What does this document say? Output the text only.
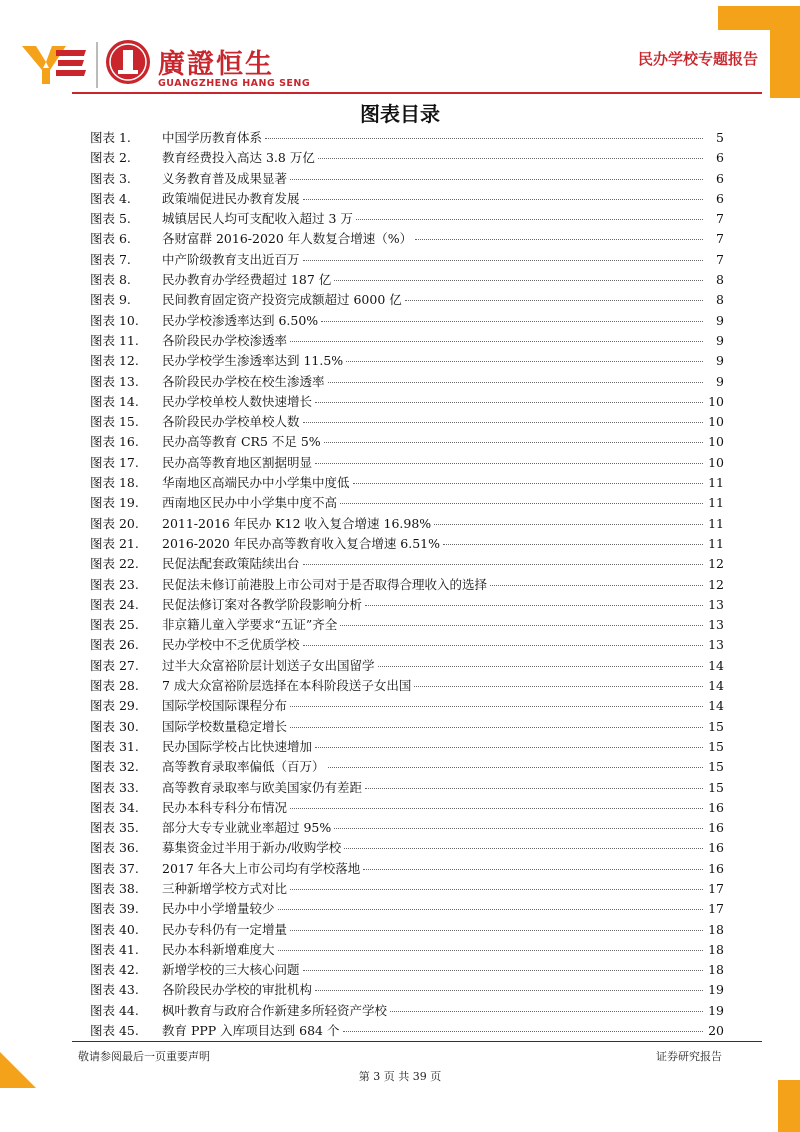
廣證恒生
GUANGZHENG HANG SENG
民办学校专题报告
图表目录
图表 1.	中国学历教育体系	5
图表 2.	教育经费投入高达 3.8 万亿	6
图表 3.	义务教育普及成果显著	6
图表 4.	政策端促进民办教育发展	6
图表 5.	城镇居民人均可支配收入超过 3 万	7
图表 6.	各财富群 2016-2020 年人数复合增速（%）	7
图表 7.	中产阶级教育支出近百万	7
图表 8.	民办教育办学经费超过 187 亿	8
图表 9.	民间教育固定资产投资完成额超过 6000 亿	8
图表 10.	民办学校渗透率达到 6.50%	9
图表 11.	各阶段民办学校渗透率	9
图表 12.	民办学校学生渗透率达到 11.5%	9
图表 13.	各阶段民办学校在校生渗透率	9
图表 14.	民办学校单校人数快速增长	10
图表 15.	各阶段民办学校单校人数	10
图表 16.	民办高等教育 CR5 不足 5%	10
图表 17.	民办高等教育地区割据明显	10
图表 18.	华南地区高端民办中小学集中度低	11
图表 19.	西南地区民办中小学集中度不高	11
图表 20.	2011-2016 年民办 K12 收入复合增速 16.98%	11
图表 21.	2016-2020 年民办高等教育收入复合增速 6.51%	11
图表 22.	民促法配套政策陆续出台	12
图表 23.	民促法未修订前港股上市公司对于是否取得合理收入的选择	12
图表 24.	民促法修订案对各教学阶段影响分析	13
图表 25.	非京籍儿童入学要求“五证”齐全	13
图表 26.	民办学校中不乏优质学校	13
图表 27.	过半大众富裕阶层计划送子女出国留学	14
图表 28.	7 成大众富裕阶层选择在本科阶段送子女出国	14
图表 29.	国际学校国际课程分布	14
图表 30.	国际学校数量稳定增长	15
图表 31.	民办国际学校占比快速增加	15
图表 32.	高等教育录取率偏低（百万）	15
图表 33.	高等教育录取率与欧美国家仍有差距	15
图表 34.	民办本科专科分布情况	16
图表 35.	部分大专专业就业率超过 95%	16
图表 36.	募集资金过半用于新办/收购学校	16
图表 37.	2017 年各大上市公司均有学校落地	16
图表 38.	三种新增学校方式对比	17
图表 39.	民办中小学增量较少	17
图表 40.	民办专科仍有一定增量	18
图表 41.	民办本科新增难度大	18
图表 42.	新增学校的三大核心问题	18
图表 43.	各阶段民办学校的审批机构	19
图表 44.	枫叶教育与政府合作新建多所轻资产学校	19
图表 45.	教育 PPP 入库项目达到 684 个	20
敬请参阅最后一页重要声明	证券研究报告
第 3 页 共 39 页
